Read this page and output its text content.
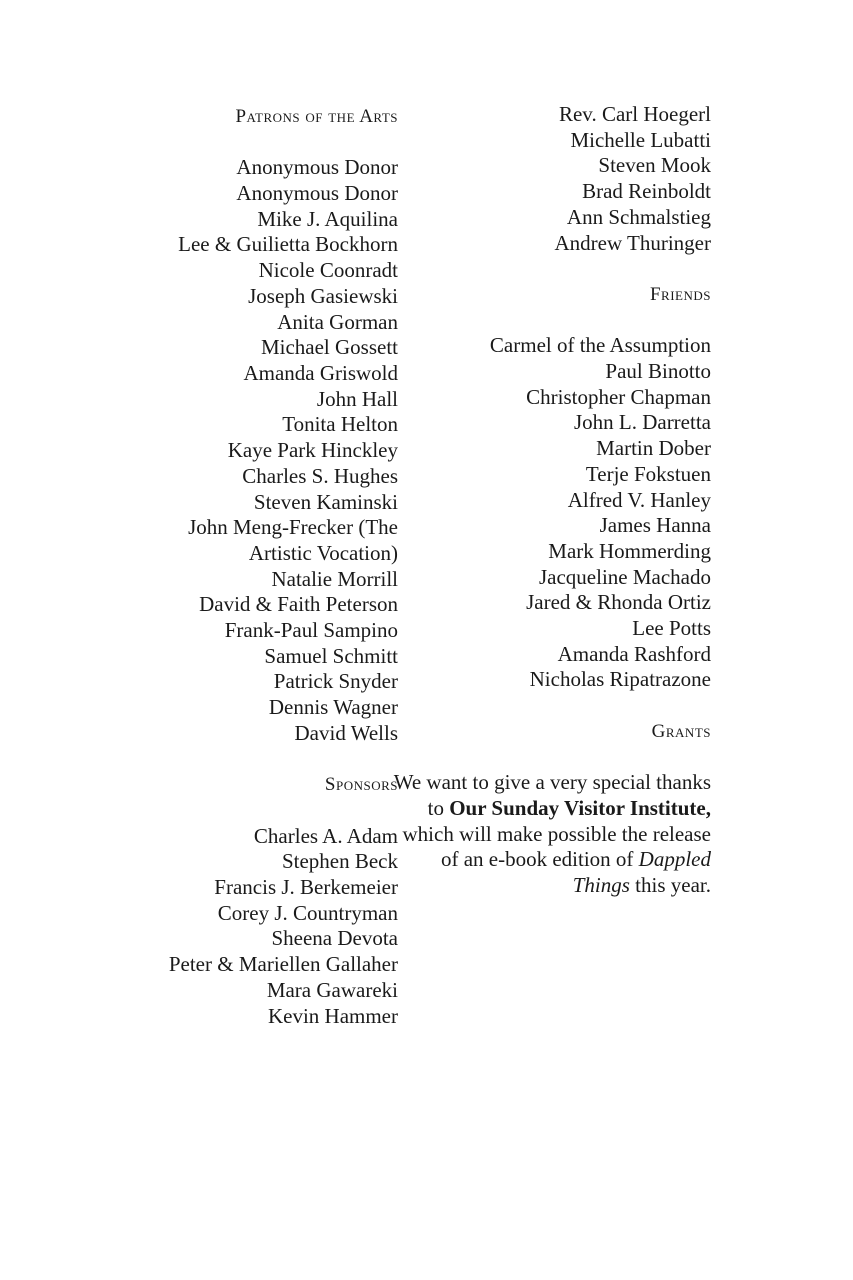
Patrons of the Arts
Anonymous Donor
Anonymous Donor
Mike J. Aquilina
Lee & Guilietta Bockhorn
Nicole Coonradt
Joseph Gasiewski
Anita Gorman
Michael Gossett
Amanda Griswold
John Hall
Tonita Helton
Kaye Park Hinckley
Charles S. Hughes
Steven Kaminski
John Meng-Frecker (The
Artistic Vocation)
Natalie Morrill
David & Faith Peterson
Frank-Paul Sampino
Samuel Schmitt
Patrick Snyder
Dennis Wagner
David Wells
Sponsors
Charles A. Adam
Stephen Beck
Francis J. Berkemeier
Corey J. Countryman
Sheena Devota
Peter & Mariellen Gallaher
Mara Gawareki
Kevin Hammer
Rev. Carl Hoegerl
Michelle Lubatti
Steven Mook
Brad Reinboldt
Ann Schmalstieg
Andrew Thuringer
Friends
Carmel of the Assumption
Paul Binotto
Christopher Chapman
John L. Darretta
Martin Dober
Terje Fokstuen
Alfred V. Hanley
James Hanna
Mark Hommerding
Jacqueline Machado
Jared & Rhonda Ortiz
Lee Potts
Amanda Rashford
Nicholas Ripatrazone
Grants
We want to give a very special thanks to Our Sunday Visitor Institute, which will make possible the release of an e-book edition of Dappled Things this year.
